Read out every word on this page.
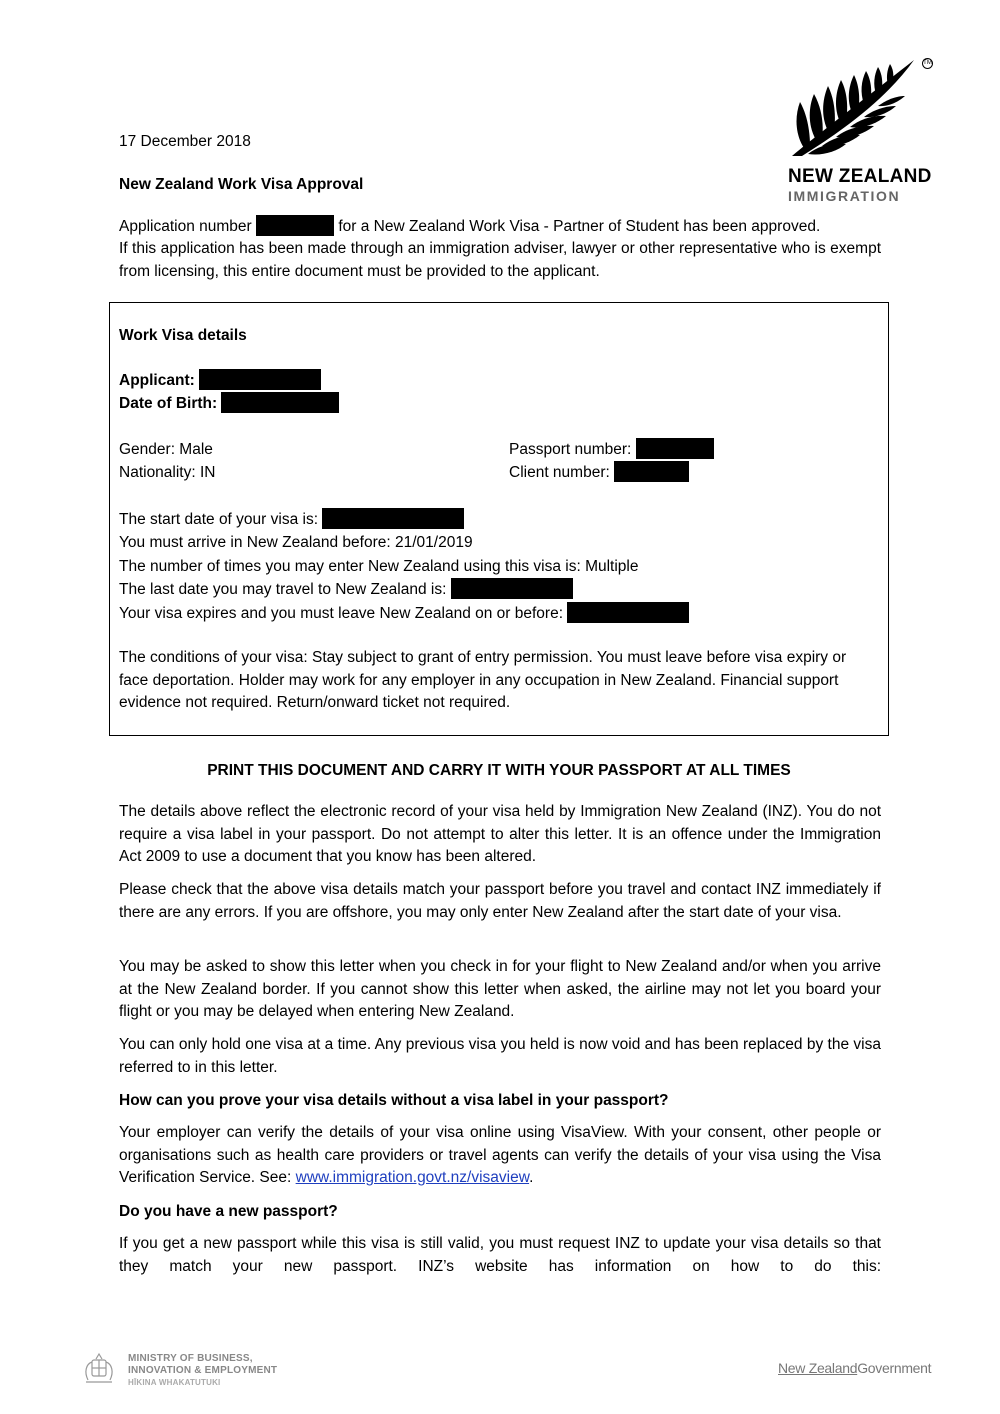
TM
NEW ZEALAND
IMMIGRATION
17 December 2018
New Zealand Work Visa Approval
Application number	for a New Zealand Work Visa - Partner of Student has been approved.
If this application has been made through an immigration adviser, lawyer or other representative who is exempt from licensing, this entire document must be provided to the applicant.
Work Visa details
Applicant:
Date of Birth:
Gender: Male
Nationality: IN
Passport number:
Client number:
The start date of your visa is:
You must arrive in New Zealand before: 21/01/2019
The number of times you may enter New Zealand using this visa is: Multiple
The last date you may travel to New Zealand is:
Your visa expires and you must leave New Zealand on or before:
The conditions of your visa: Stay subject to grant of entry permission. You must leave before visa expiry or face deportation. Holder may work for any employer in any occupation in New Zealand. Financial support evidence not required. Return/onward ticket not required.
PRINT THIS DOCUMENT AND CARRY IT WITH YOUR PASSPORT AT ALL TIMES
The details above reflect the electronic record of your visa held by Immigration New Zealand (INZ). You do not require a visa label in your passport. Do not attempt to alter this letter. It is an offence under the Immigration Act 2009 to use a document that you know has been altered.
Please check that the above visa details match your passport before you travel and contact INZ immediately if there are any errors. If you are offshore, you may only enter New Zealand after the start date of your visa.
You may be asked to show this letter when you check in for your flight to New Zealand and/or when you arrive at the New Zealand border. If you cannot show this letter when asked, the airline may not let you board your flight or you may be delayed when entering New Zealand.
You can only hold one visa at a time. Any previous visa you held is now void and has been replaced by the visa referred to in this letter.
How can you prove your visa details without a visa label in your passport?
Your employer can verify the details of your visa online using VisaView. With your consent, other people or organisations such as health care providers or travel agents can verify the details of your visa using the Visa Verification Service. See: www.immigration.govt.nz/visaview.
Do you have a new passport?
If you get a new passport while this visa is still valid, you must request INZ to update your visa details so that they match your new passport. INZ’s website has information on how to do this:
MINISTRY OF BUSINESS,
INNOVATION & EMPLOYMENT
HĪKINA WHAKATUTUKI
New ZealandGovernment
